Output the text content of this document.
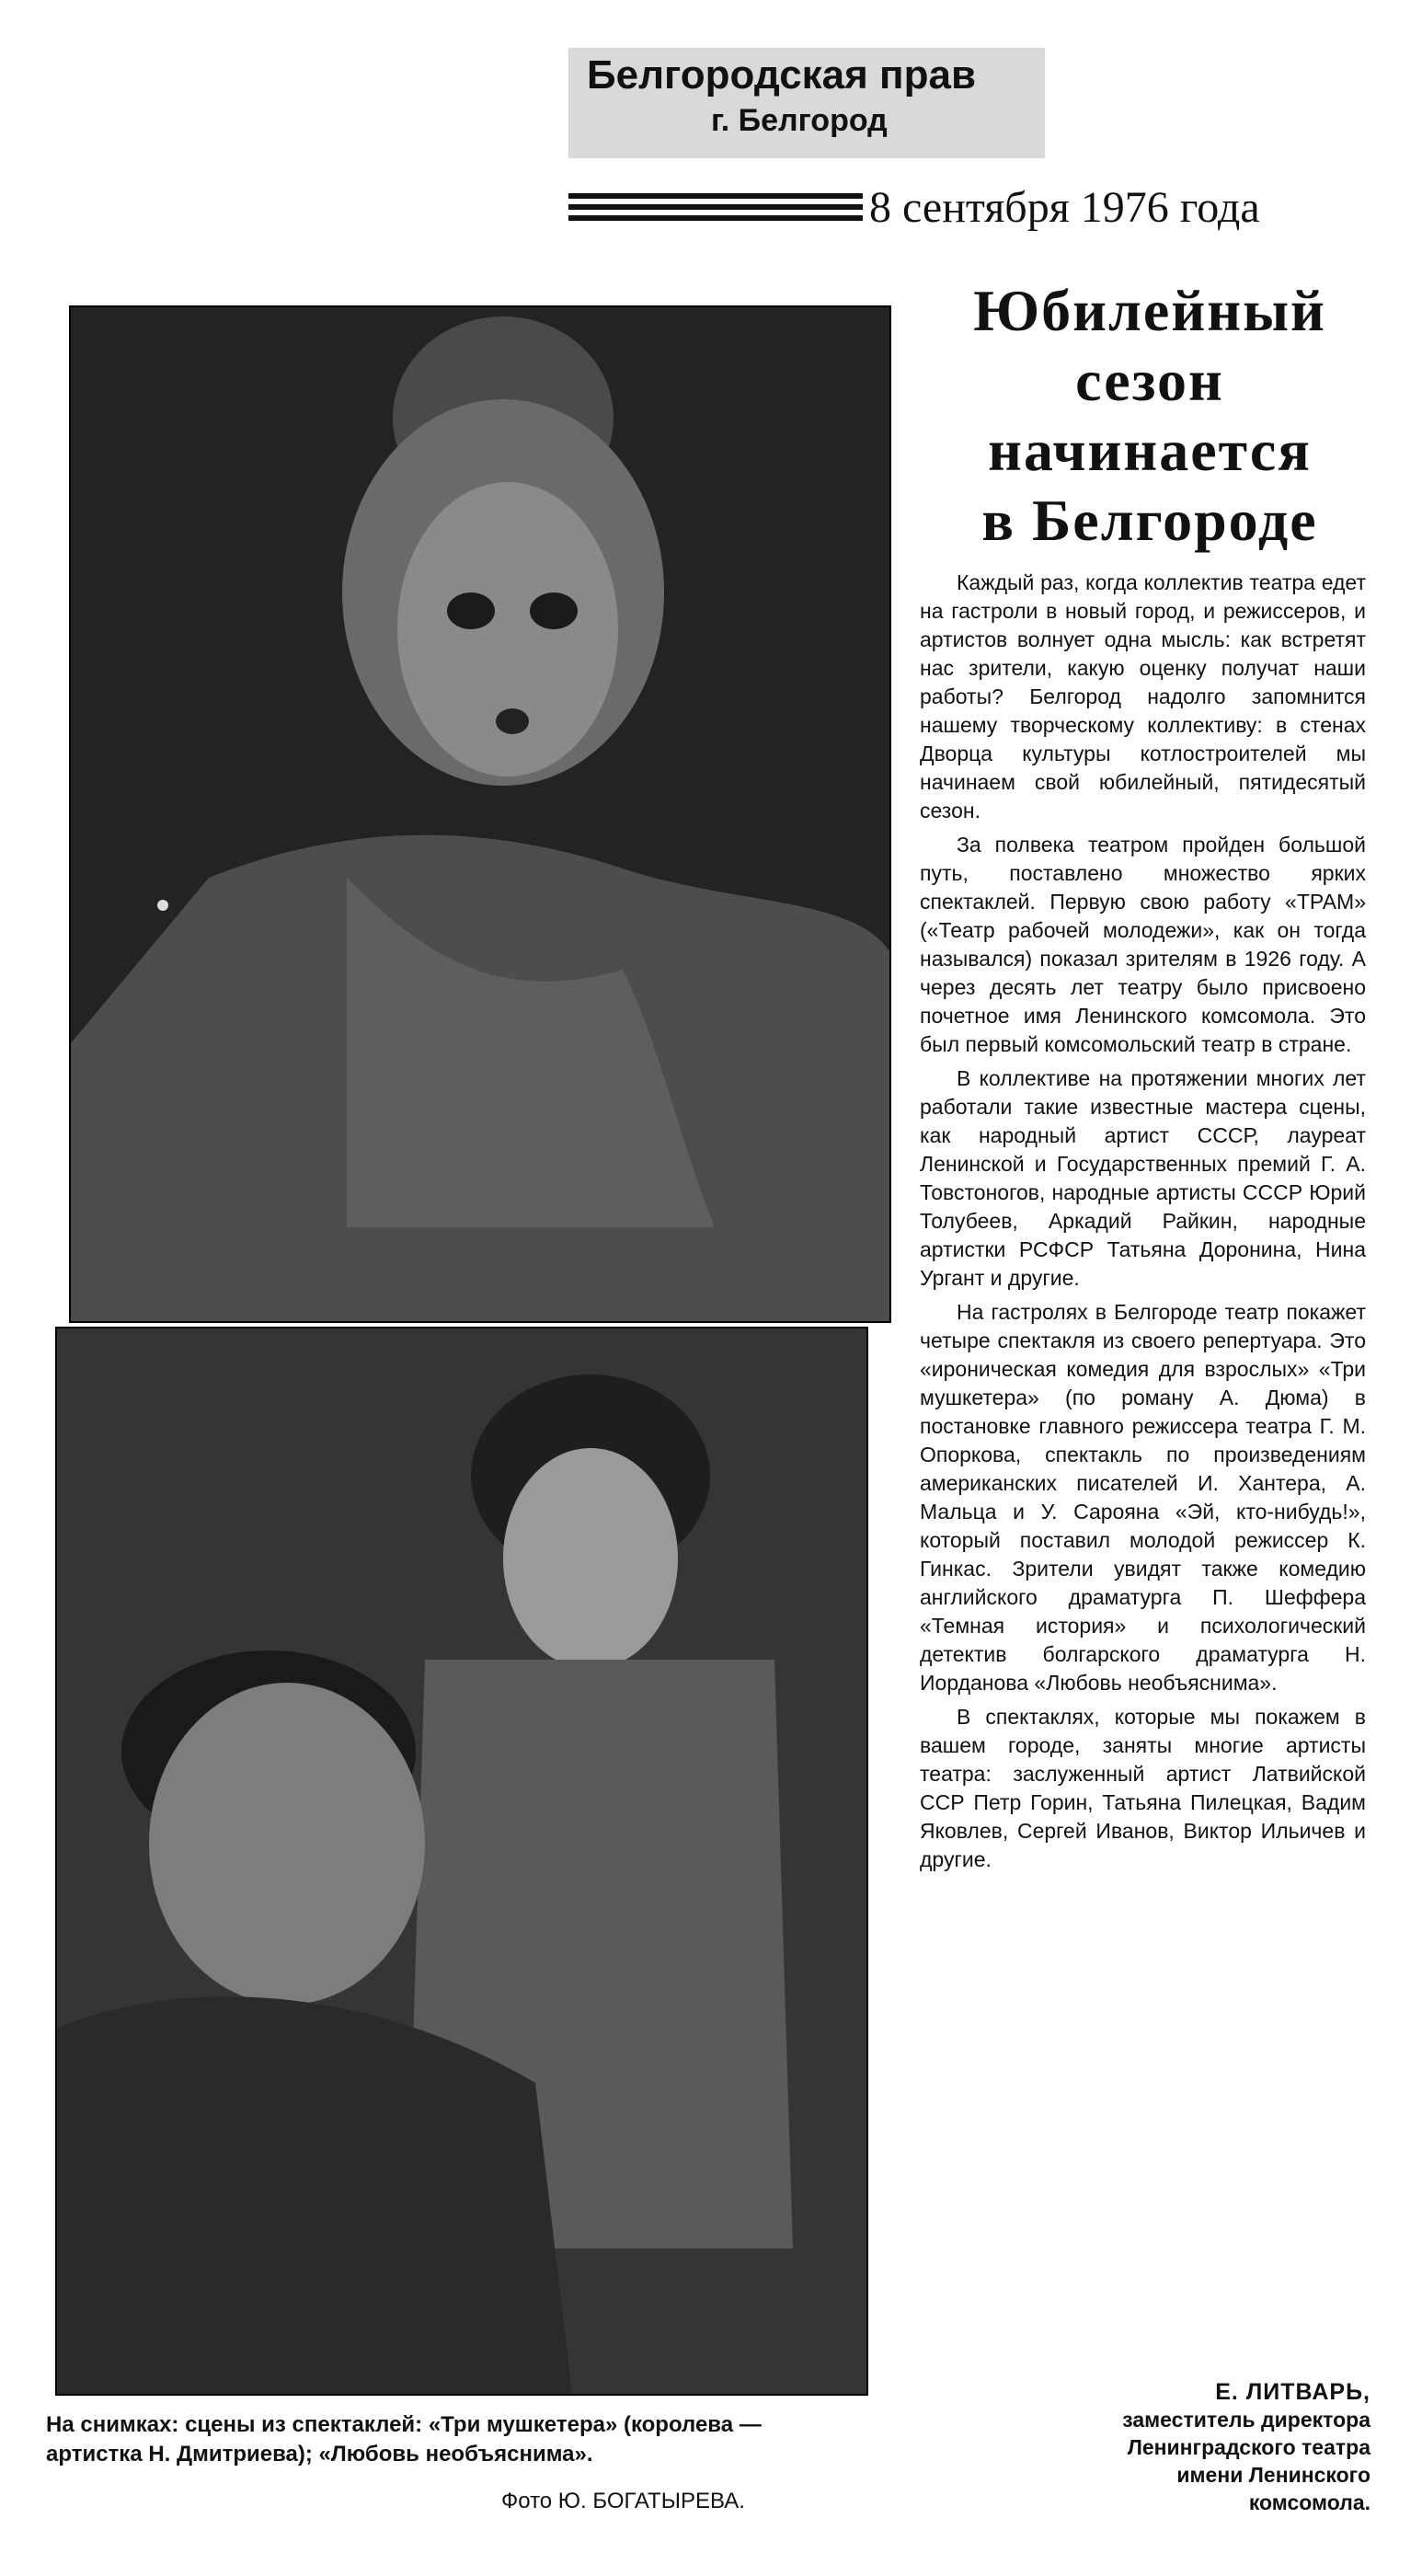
Белгородская прав
г. Белгород
8 сентября 1976 года
Юбилейный
сезон
начинается
в Белгороде

Каждый раз, когда коллектив театра едет на гастроли в новый город, и режиссеров, и артистов волнует одна мысль: как встретят нас зрители, какую оценку получат наши работы? Белгород надолго запомнится нашему творческому коллективу: в стенах Дворца культуры котлостроителей мы начинаем свой юбилейный, пятидесятый сезон.

За полвека театром пройден большой путь, поставлено множество ярких спектаклей. Первую свою работу «ТРАМ» («Театр рабочей молодежи», как он тогда назывался) показал зрителям в 1926 году. А через десять лет театру было присвоено почетное имя Ленинского комсомола. Это был первый комсомольский театр в стране.

В коллективе на протяжении многих лет работали такие известные мастера сцены, как народный артист СССР, лауреат Ленинской и Государственных премий Г. А. Товстоногов, народные артисты СССР Юрий Толубеев, Аркадий Райкин, народные артистки РСФСР Татьяна Доронина, Нина Ургант и другие.

На гастролях в Белгороде театр покажет четыре спектакля из своего репертуара. Это «ироническая комедия для взрослых» «Три мушкетера» (по роману А. Дюма) в постановке главного режиссера театра Г. М. Опоркова, спектакль по произведениям американских писателей И. Хантера, А. Мальца и У. Сарояна «Эй, кто-нибудь!», который поставил молодой режиссер К. Гинкас. Зрители увидят также комедию английского драматурга П. Шеффера «Темная история» и психологический детектив болгарского драматурга Н. Иорданова «Любовь необъяснима».

В спектаклях, которые мы покажем в вашем городе, заняты многие артисты театра: заслуженный артист Латвийской ССР Петр Горин, Татьяна Пилецкая, Вадим Яковлев, Сергей Иванов, Виктор Ильичев и другие.

Е. ЛИТВАРЬ,
заместитель директора
Ленинградского театра
имени Ленинского
комсомола.
На снимках: сцены из спектаклей: «Три мушкетера» (королева — артистка Н. Дмитриева); «Любовь необъяснима».
Фото Ю. БОГАТЫРЕВА.
